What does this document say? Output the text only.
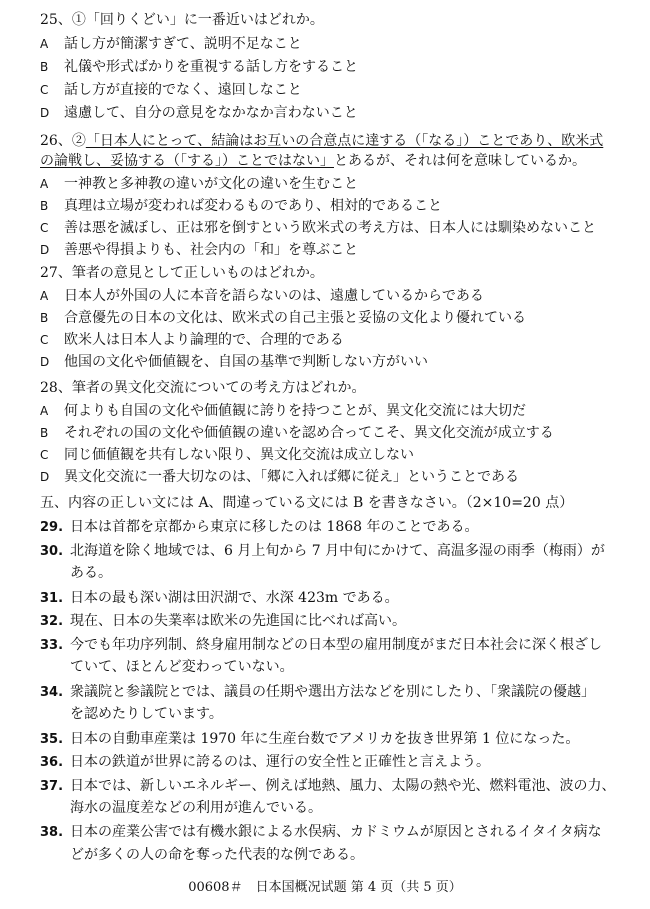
25、①「回りくどい」に一番近いはどれか。
A 話し方が簡潔すぎて、説明不足なこと
B 礼儀や形式ばかりを重視する話し方をすること
C 話し方が直接的でなく、遠回しなこと
D 遠慮して、自分の意見をなかなか言わないこと
26、②「日本人にとって、結論はお互いの合意点に達する（「なる」）ことであり、欧米式
の論戦し、妥協する（「する」）ことではない」とあるが、それは何を意味しているか。
A 一神教と多神教の違いが文化の違いを生むこと
B 真理は立場が変われば変わるものであり、相対的であること
C 善は悪を滅ぼし、正は邪を倒すという欧米式の考え方は、日本人には馴染めないこと
D 善悪や得損よりも、社会内の「和」を尊ぶこと
27、筆者の意見として正しいものはどれか。
A 日本人が外国の人に本音を語らないのは、遠慮しているからである
B 合意優先の日本の文化は、欧米式の自己主張と妥協の文化より優れている
C 欧米人は日本人より論理的で、合理的である
D 他国の文化や価値観を、自国の基準で判断しない方がいい
28、筆者の異文化交流についての考え方はどれか。
A 何よりも自国の文化や価値観に誇りを持つことが、異文化交流には大切だ
B それぞれの国の文化や価値観の違いを認め合ってこそ、異文化交流が成立する
C 同じ価値観を共有しない限り、異文化交流は成立しない
D 異文化交流に一番大切なのは、「郷に入れば郷に従え」ということである
五、内容の正しい文には A、間違っている文には B を書きなさい。（2×10=20 点）
29. 日本は首都を京都から東京に移したのは 1868 年のことである。
30. 北海道を除く地域では、6 月上旬から 7 月中旬にかけて、高温多湿の雨季（梅雨）が
ある。
31. 日本の最も深い湖は田沢湖で、水深 423m である。
32. 現在、日本の失業率は欧米の先進国に比べれば高い。
33. 今でも年功序列制、終身雇用制などの日本型の雇用制度がまだ日本社会に深く根ざし
ていて、ほとんど変わっていない。
34. 衆議院と参議院とでは、議員の任期や選出方法などを別にしたり、「衆議院の優越」
を認めたりしています。
35. 日本の自動車産業は 1970 年に生産台数でアメリカを抜き世界第 1 位になった。
36. 日本の鉄道が世界に誇るのは、運行の安全性と正確性と言えよう。
37. 日本では、新しいエネルギー、例えば地熱、風力、太陽の熱や光、燃料電池、波の力、
海水の温度差などの利用が進んでいる。
38. 日本の産業公害では有機水銀による水俣病、カドミウムが原因とされるイタイタ病な
どが多くの人の命を奪った代表的な例である。
00608＃　日本国概况试题 第 4 页（共 5 页）
